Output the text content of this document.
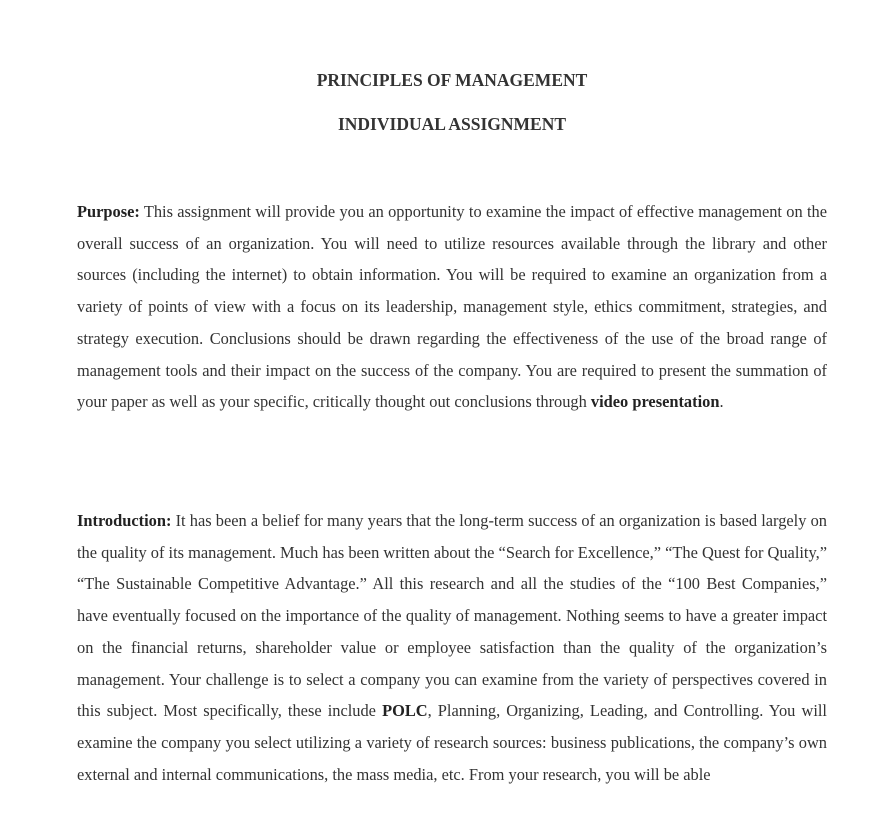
PRINCIPLES OF MANAGEMENT
INDIVIDUAL ASSIGNMENT

Purpose: This assignment will provide you an opportunity to examine the impact of effective management on the overall success of an organization. You will need to utilize resources available through the library and other sources (including the internet) to obtain information. You will be required to examine an organization from a variety of points of view with a focus on its leadership, management style, ethics commitment, strategies, and strategy execution. Conclusions should be drawn regarding the effectiveness of the use of the broad range of management tools and their impact on the success of the company. You are required to present the summation of your paper as well as your specific, critically thought out conclusions through video presentation.

Introduction: It has been a belief for many years that the long-term success of an organization is based largely on the quality of its management. Much has been written about the “Search for Excellence,” “The Quest for Quality,” “The Sustainable Competitive Advantage.” All this research and all the studies of the “100 Best Companies,” have eventually focused on the importance of the quality of management. Nothing seems to have a greater impact on the financial returns, shareholder value or employee satisfaction than the quality of the organization’s management. Your challenge is to select a company you can examine from the variety of perspectives covered in this subject. Most specifically, these include POLC, Planning, Organizing, Leading, and Controlling. You will examine the company you select utilizing a variety of research sources: business publications, the company’s own external and internal communications, the mass media, etc. From your research, you will be able
